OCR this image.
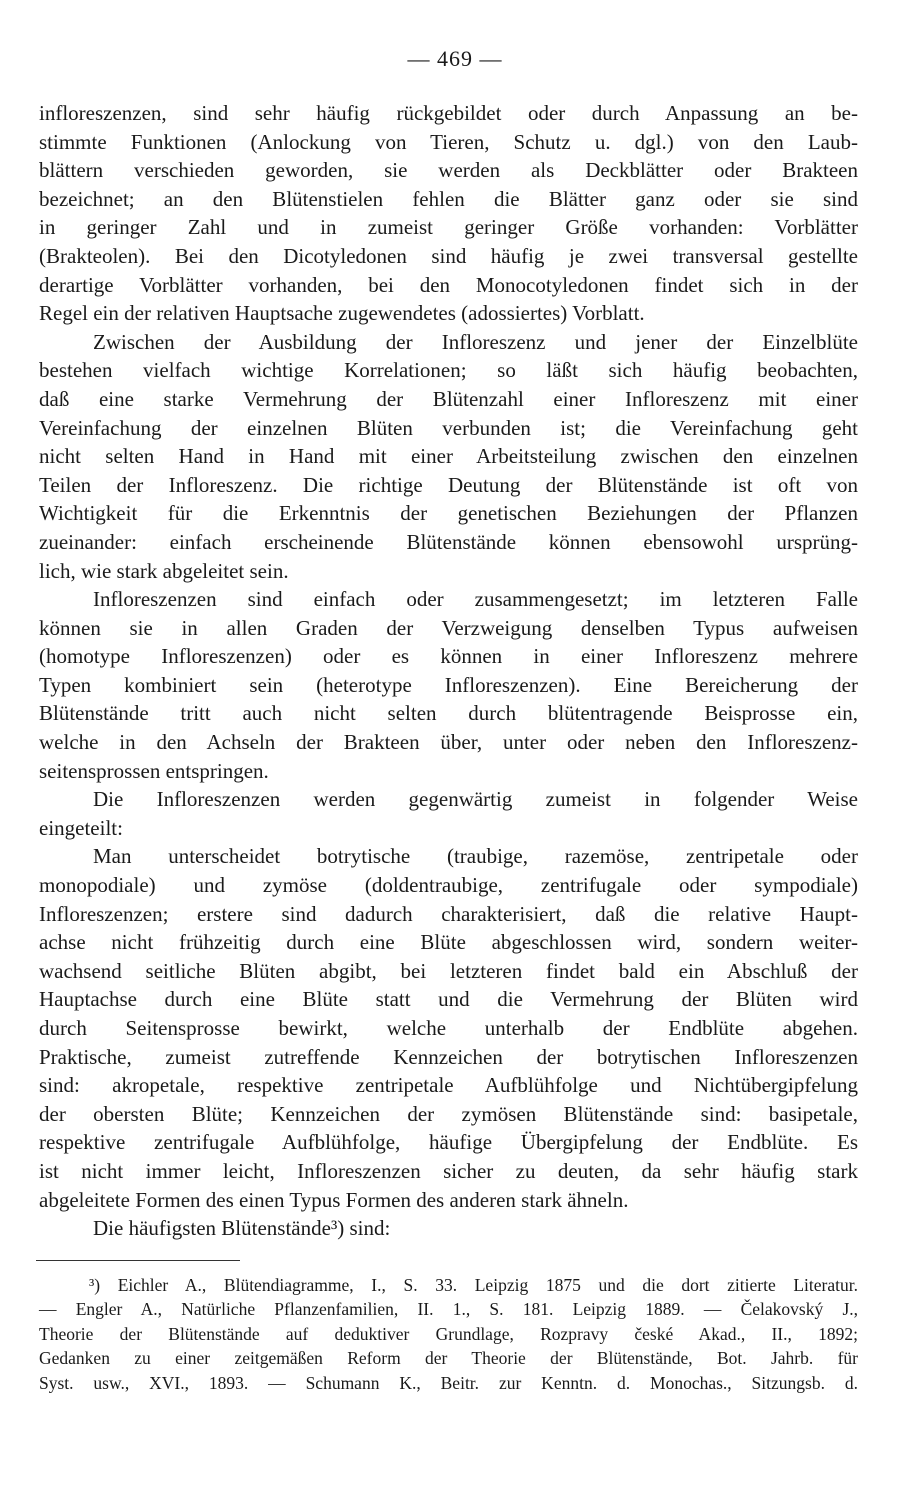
— 469 —
infloreszenzen, sind sehr häufig rückgebildet oder durch Anpassung an be-
stimmte Funktionen (Anlockung von Tieren, Schutz u. dgl.) von den Laub-
blättern verschieden geworden, sie werden als Deckblätter oder Brakteen
bezeichnet; an den Blütenstielen fehlen die Blätter ganz oder sie sind
in geringer Zahl und in zumeist geringer Größe vorhanden: Vorblätter
(Brakteolen). Bei den Dicotyledonen sind häufig je zwei transversal gestellte
derartige Vorblätter vorhanden, bei den Monocotyledonen findet sich in der
Regel ein der relativen Hauptsache zugewendetes (adossiertes) Vorblatt.
Zwischen der Ausbildung der Infloreszenz und jener der Einzelblüte
bestehen vielfach wichtige Korrelationen; so läßt sich häufig beobachten,
daß eine starke Vermehrung der Blütenzahl einer Infloreszenz mit einer
Vereinfachung der einzelnen Blüten verbunden ist; die Vereinfachung geht
nicht selten Hand in Hand mit einer Arbeitsteilung zwischen den einzelnen
Teilen der Infloreszenz. Die richtige Deutung der Blütenstände ist oft von
Wichtigkeit für die Erkenntnis der genetischen Beziehungen der Pflanzen
zueinander: einfach erscheinende Blütenstände können ebensowohl ursprüng-
lich, wie stark abgeleitet sein.
Infloreszenzen sind einfach oder zusammengesetzt; im letzteren Falle
können sie in allen Graden der Verzweigung denselben Typus aufweisen
(homotype Infloreszenzen) oder es können in einer Infloreszenz mehrere
Typen kombiniert sein (heterotype Infloreszenzen). Eine Bereicherung der
Blütenstände tritt auch nicht selten durch blütentragende Beisprosse ein,
welche in den Achseln der Brakteen über, unter oder neben den Infloreszenz-
seitensprossen entspringen.
Die Infloreszenzen werden gegenwärtig zumeist in folgender Weise
eingeteilt:
Man unterscheidet botrytische (traubige, razemöse, zentripetale oder
monopodiale) und zymöse (doldentraubige, zentrifugale oder sympodiale)
Infloreszenzen; erstere sind dadurch charakterisiert, daß die relative Haupt-
achse nicht frühzeitig durch eine Blüte abgeschlossen wird, sondern weiter-
wachsend seitliche Blüten abgibt, bei letzteren findet bald ein Abschluß der
Hauptachse durch eine Blüte statt und die Vermehrung der Blüten wird
durch Seitensprosse bewirkt, welche unterhalb der Endblüte abgehen.
Praktische, zumeist zutreffende Kennzeichen der botrytischen Infloreszenzen
sind: akropetale, respektive zentripetale Aufblühfolge und Nichtübergipfelung
der obersten Blüte; Kennzeichen der zymösen Blütenstände sind: basipetale,
respektive zentrifugale Aufblühfolge, häufige Übergipfelung der Endblüte. Es
ist nicht immer leicht, Infloreszenzen sicher zu deuten, da sehr häufig stark
abgeleitete Formen des einen Typus Formen des anderen stark ähneln.
Die häufigsten Blütenstände³) sind:
³) Eichler A., Blütendiagramme, I., S. 33. Leipzig 1875 und die dort zitierte Literatur.
— Engler A., Natürliche Pflanzenfamilien, II. 1., S. 181. Leipzig 1889. — Čelakovský J.,
Theorie der Blütenstände auf deduktiver Grundlage, Rozpravy české Akad., II., 1892;
Gedanken zu einer zeitgemäßen Reform der Theorie der Blütenstände, Bot. Jahrb. für
Syst. usw., XVI., 1893. — Schumann K., Beitr. zur Kenntn. d. Monochas., Sitzungsb. d.
